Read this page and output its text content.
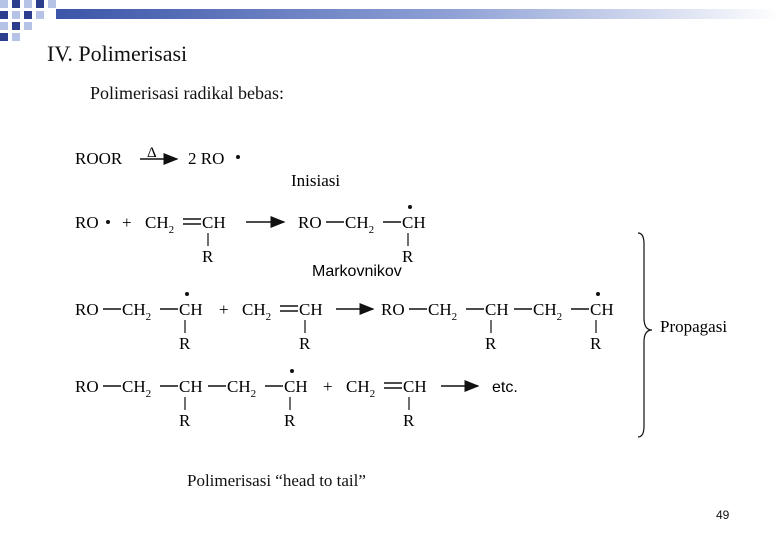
IV. Polimerisasi
Polimerisasi radikal bebas:
ROOR Δ 2 RO
RO + $CH_2$ CH
R
RO $CH_2$ CH
R
Markovnikov
RO $CH_2$ CH
R
+ $CH_2$ CH
R
RO $CH_2$ CH
R
$CH_2$ CH
R
RO $CH_2$ CH
R
$CH_2$ CH
R
+ $CH_2$ CH
R
etc.
Inisiasi
Propagasi
Polimerisasi “head to tail”
49
